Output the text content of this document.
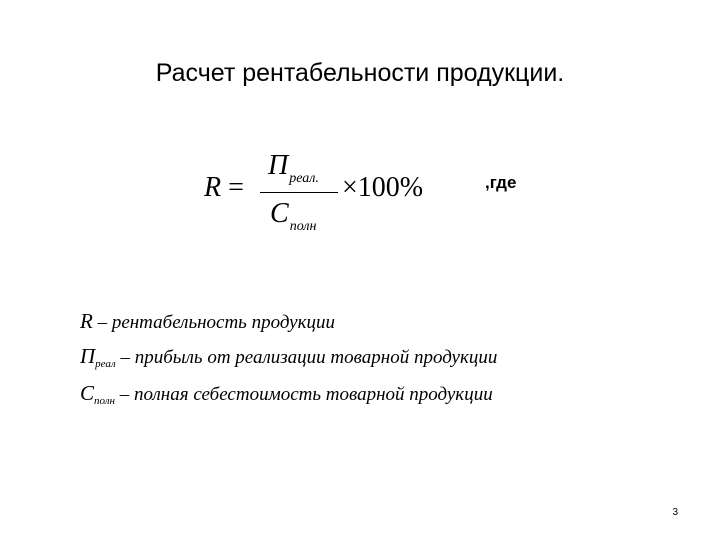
Расчет рентабельности продукции.
R =
$П_{реал.}$
$С_{полн}$
×100%	,где
R – рентабельность продукции
$П_{реал}$ – прибыль от реализации товарной продукции
$С_{полн}$ – полная себестоимость товарной продукции
3
